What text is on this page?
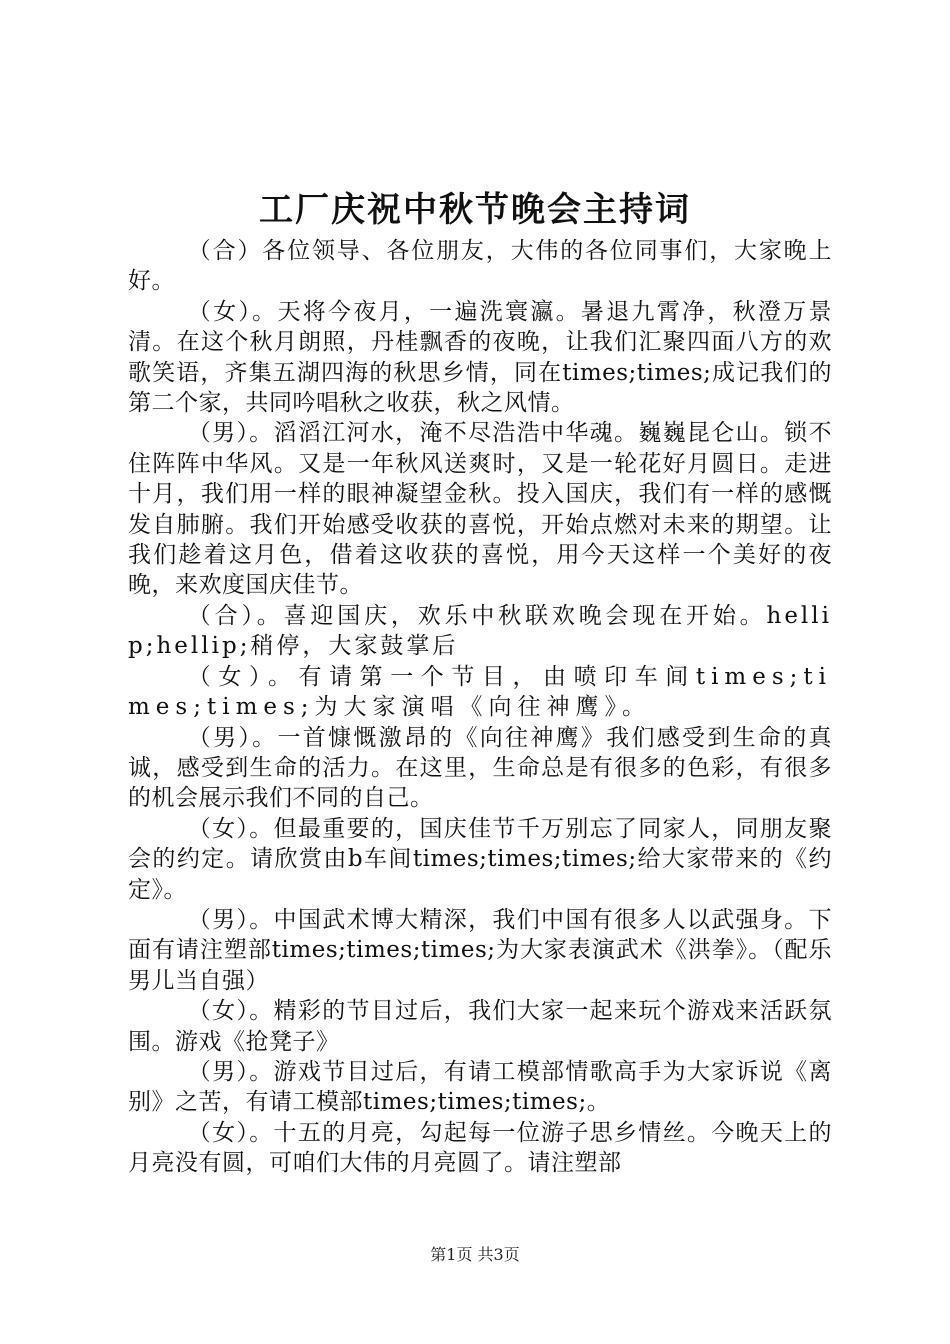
工厂庆祝中秋节晚会主持词

（合）各位领导、各位朋友，大伟的各位同事们，大家晚上好。

（女）。天将今夜月，一遍洗寰瀛。暑退九霄净，秋澄万景清。在这个秋月朗照，丹桂飘香的夜晚，让我们汇聚四面八方的欢歌笑语，齐集五湖四海的秋思乡情，同在times;times;成记我们的第二个家，共同吟唱秋之收获，秋之风情。

（男）。滔滔江河水，淹不尽浩浩中华魂。巍巍昆仑山。锁不住阵阵中华风。又是一年秋风送爽时，又是一轮花好月圆日。走进十月，我们用一样的眼神凝望金秋。投入国庆，我们有一样的感慨发自肺腑。我们开始感受收获的喜悦，开始点燃对未来的期望。让我们趁着这月色，借着这收获的喜悦，用今天这样一个美好的夜晚，来欢度国庆佳节。

（合）。喜迎国庆，欢乐中秋联欢晚会现在开始。hellip;hellip;稍停，大家鼓掌后

（女）。有请第一个节目，由喷印车间times;times;times;为大家演唱《向往神鹰》。

（男）。一首慷慨激昂的《向往神鹰》我们感受到生命的真诚，感受到生命的活力。在这里，生命总是有很多的色彩，有很多的机会展示我们不同的自己。

（女）。但最重要的，国庆佳节千万别忘了同家人，同朋友聚会的约定。请欣赏由b车间times;times;times;给大家带来的《约定》。

（男）。中国武术博大精深，我们中国有很多人以武强身。下面有请注塑部times;times;times;为大家表演武术《洪拳》。（配乐男儿当自强）

（女）。精彩的节目过后，我们大家一起来玩个游戏来活跃氛围。游戏《抢凳子》

（男）。游戏节目过后，有请工模部情歌高手为大家诉说《离别》之苦，有请工模部times;times;times;。

（女）。十五的月亮，勾起每一位游子思乡情丝。今晚天上的月亮没有圆，可咱们大伟的月亮圆了。请注塑部

第1页 共3页
